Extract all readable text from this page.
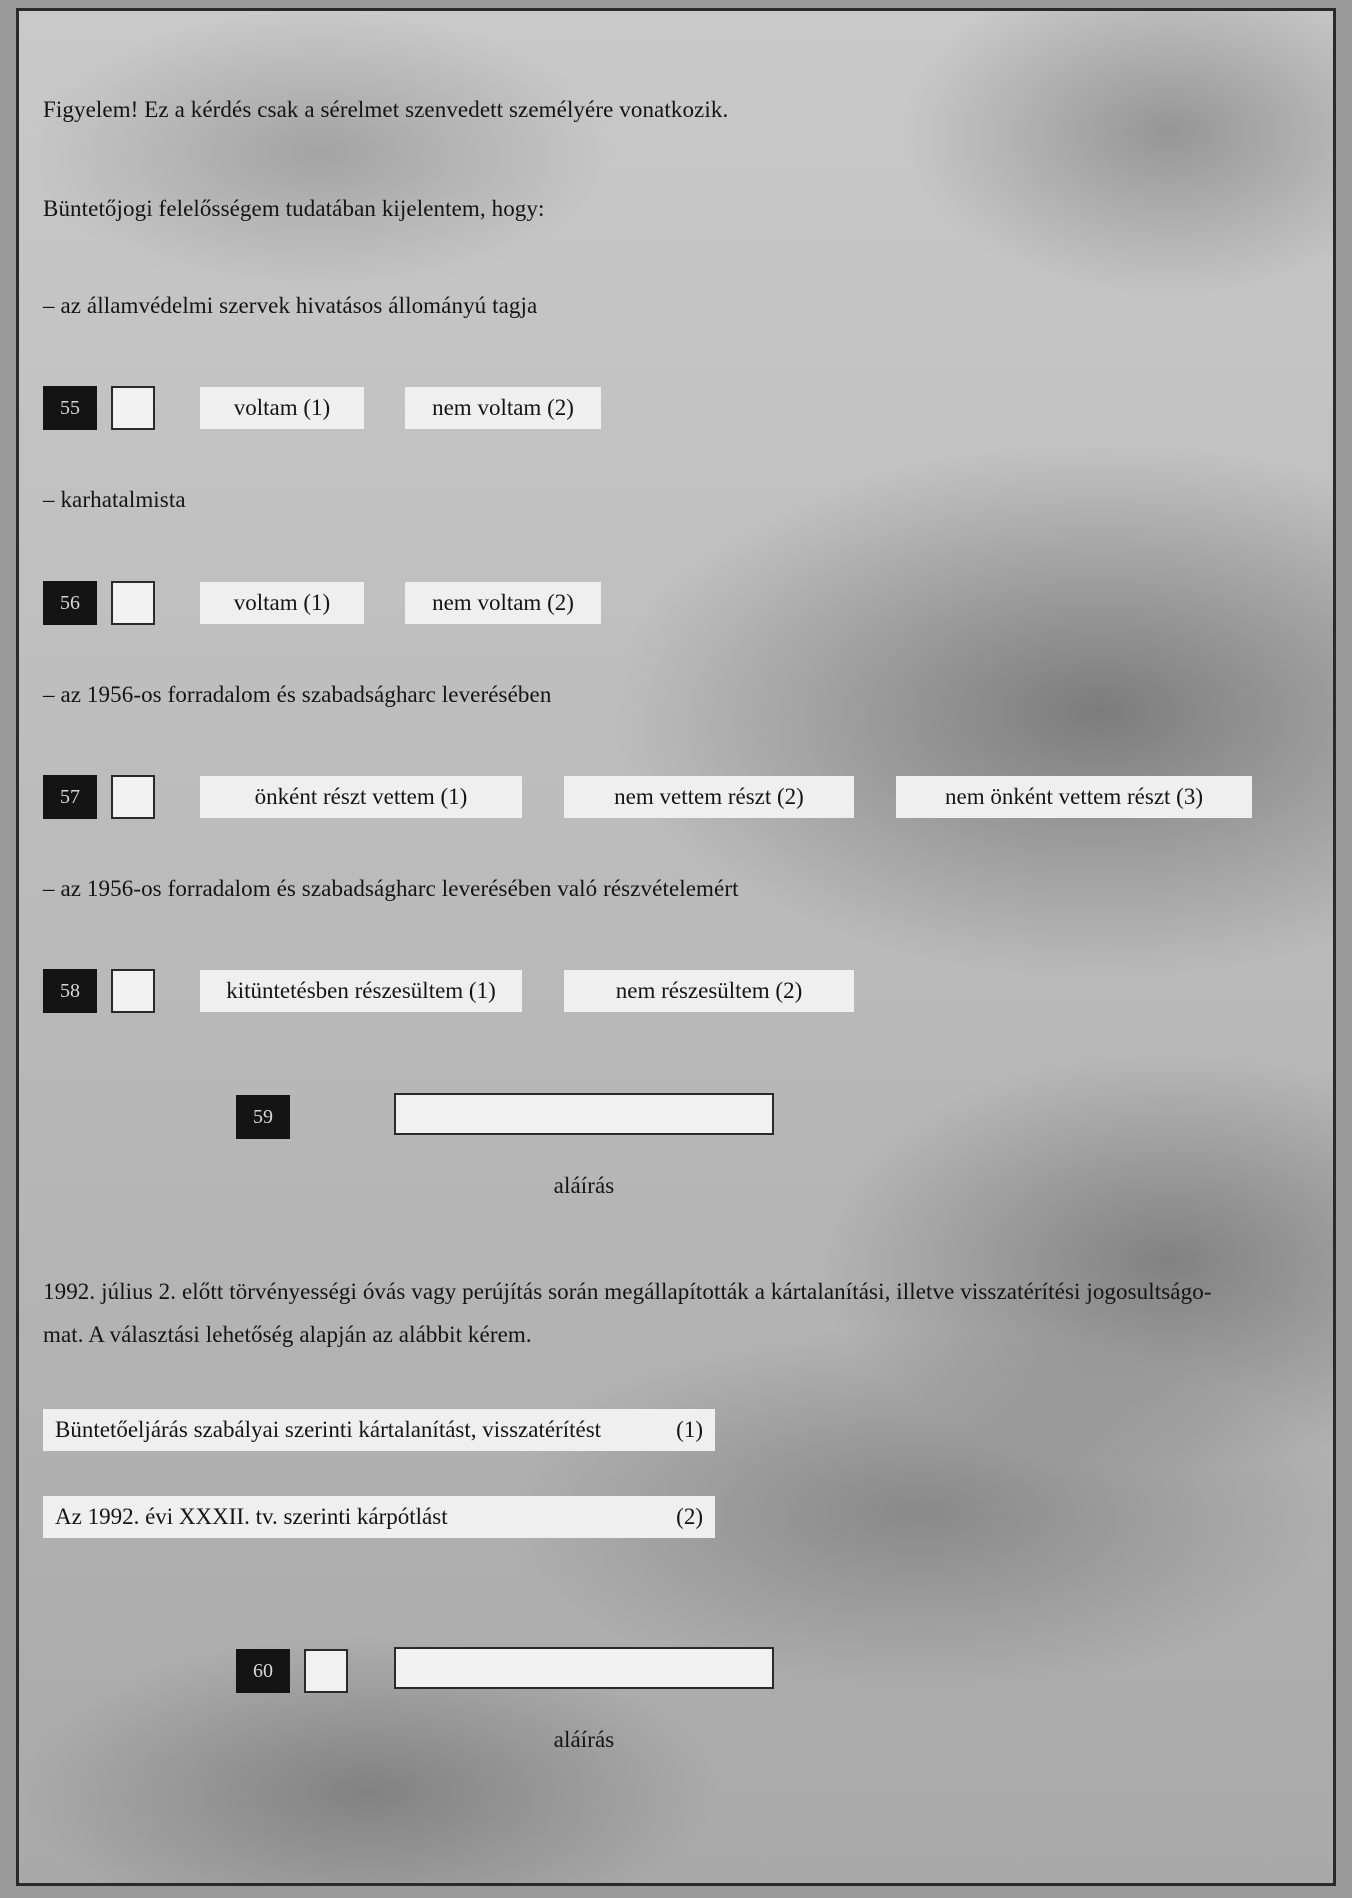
Figyelem! Ez a kérdés csak a sérelmet szenvedett személyére vonatkozik.
Büntetőjogi felelősségem tudatában kijelentem, hogy:
– az államvédelmi szervek hivatásos állományú tagja
55	voltam (1)	nem voltam (2)
– karhatalmista
56	voltam (1)	nem voltam (2)
– az 1956-os forradalom és szabadságharc leverésében
57	önként részt vettem (1)	nem vettem részt (2)	nem önként vettem részt (3)
– az 1956-os forradalom és szabadságharc leverésében való részvételemért
58	kitüntetésben részesültem (1)	nem részesültem (2)
59
aláírás
1992. július 2. előtt törvényességi óvás vagy perújítás során megállapították a kártalanítási, illetve visszatérítési jogosultságo-
mat. A választási lehetőség alapján az alábbit kérem.
Büntetőeljárás szabályai szerinti kártalanítást, visszatérítést	(1)
Az 1992. évi XXXII. tv. szerinti kárpótlást	(2)
60
aláírás
